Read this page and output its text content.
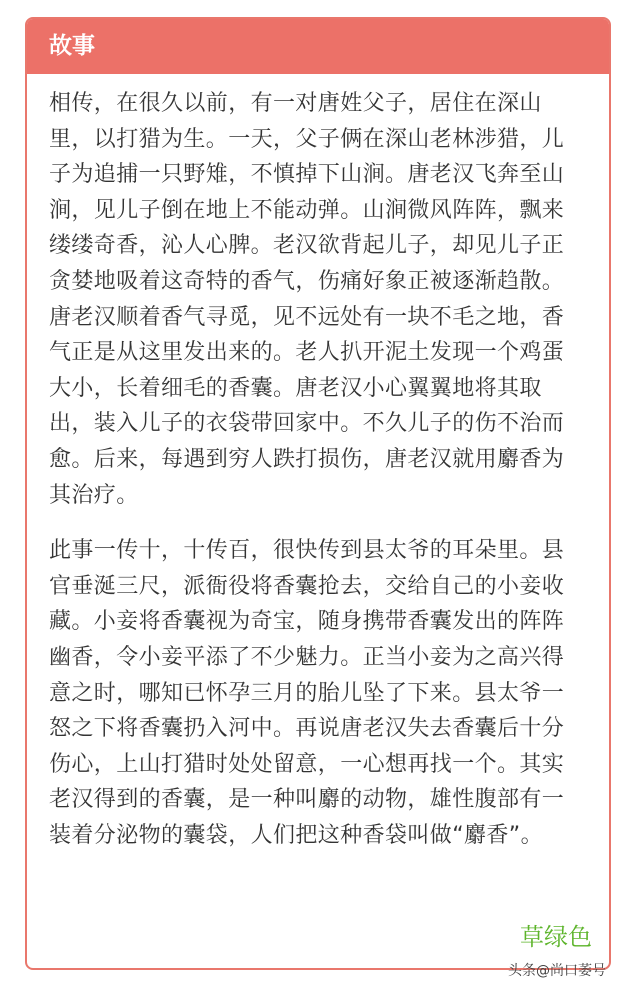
故事
相传，在很久以前，有一对唐姓父子，居住在深山
里，以打猎为生。一天，父子俩在深山老林涉猎，儿
子为追捕一只野雉，不慎掉下山涧。唐老汉飞奔至山
涧，见儿子倒在地上不能动弹。山涧微风阵阵，飘来
缕缕奇香，沁人心脾。老汉欲背起儿子，却见儿子正
贪婪地吸着这奇特的香气，伤痛好象正被逐渐趋散。
唐老汉顺着香气寻觅，见不远处有一块不毛之地，香
气正是从这里发出来的。老人扒开泥土发现一个鸡蛋
大小，长着细毛的香囊。唐老汉小心翼翼地将其取
出，装入儿子的衣袋带回家中。不久儿子的伤不治而
愈。后来，每遇到穷人跌打损伤，唐老汉就用麝香为
其治疗。
此事一传十，十传百，很快传到县太爷的耳朵里。县
官垂涎三尺，派衙役将香囊抢去，交给自己的小妾收
藏。小妾将香囊视为奇宝，随身携带香囊发出的阵阵
幽香，令小妾平添了不少魅力。正当小妾为之高兴得
意之时，哪知已怀孕三月的胎儿坠了下来。县太爷一
怒之下将香囊扔入河中。再说唐老汉失去香囊后十分
伤心，上山打猎时处处留意，一心想再找一个。其实
老汉得到的香囊，是一种叫麝的动物，雄性腹部有一
装着分泌物的囊袋，人们把这种香袋叫做“麝香”。
草绿色
头条@尚口萎号
